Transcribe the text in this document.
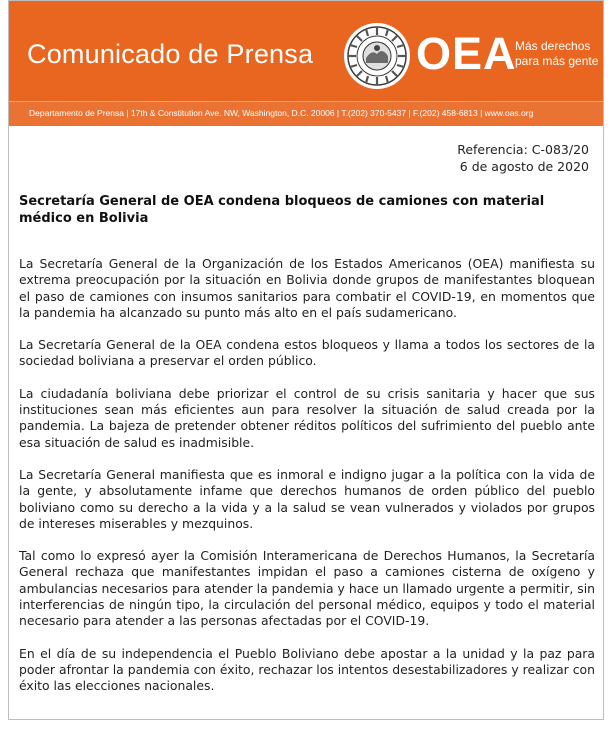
Comunicado de Prensa OEA
Más derechos
para más gente
Departamento de Prensa | 17th & Constitution Ave. NW, Washington, D.C. 20006 | T.(202) 370-5437 | F.(202) 458-6813 | www.oas.org
Referencia: C-083/20
6 de agosto de 2020
Secretaría General de OEA condena bloqueos de camiones con material
médico en Bolivia

La Secretaría General de la Organización de los Estados Americanos (OEA) manifiesta su extrema preocupación por la situación en Bolivia donde grupos de manifestantes bloquean el paso de camiones con insumos sanitarios para combatir el COVID-19, en momentos que la pandemia ha alcanzado su punto más alto en el país sudamericano.

La Secretaría General de la OEA condena estos bloqueos y llama a todos los sectores de la sociedad boliviana a preservar el orden público.

La ciudadanía boliviana debe priorizar el control de su crisis sanitaria y hacer que sus instituciones sean más eficientes aun para resolver la situación de salud creada por la pandemia. La bajeza de pretender obtener réditos políticos del sufrimiento del pueblo ante esa situación de salud es inadmisible.

La Secretaría General manifiesta que es inmoral e indigno jugar a la política con la vida de la gente, y absolutamente infame que derechos humanos de orden público del pueblo boliviano como su derecho a la vida y a la salud se vean vulnerados y violados por grupos de intereses miserables y mezquinos.

Tal como lo expresó ayer la Comisión Interamericana de Derechos Humanos, la Secretaría General rechaza que manifestantes impidan el paso a camiones cisterna de oxígeno y ambulancias necesarios para atender la pandemia y hace un llamado urgente a permitir, sin interferencias de ningún tipo, la circulación del personal médico, equipos y todo el material necesario para atender a las personas afectadas por el COVID-19.

En el día de su independencia el Pueblo Boliviano debe apostar a la unidad y la paz para poder afrontar la pandemia con éxito, rechazar los intentos desestabilizadores y realizar con éxito las elecciones nacionales.
